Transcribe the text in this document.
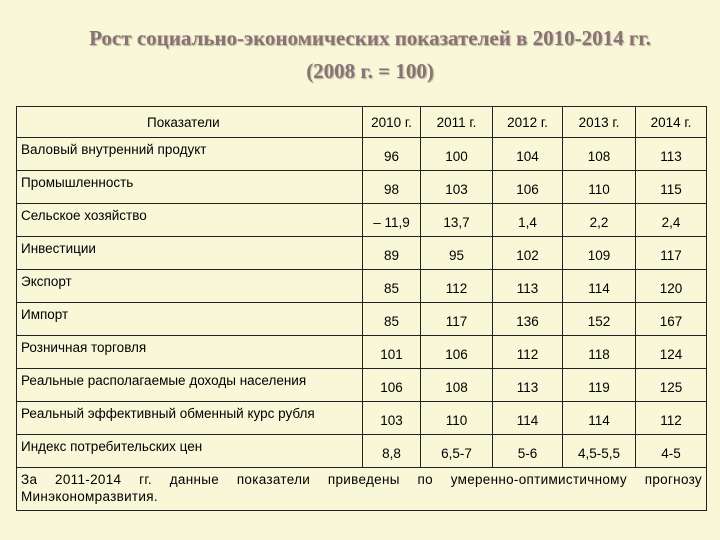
Рост социально-экономических показателей в 2010-2014 гг.
(2008 г. = 100)
Показатели	2010 г.	2011 г.	2012 г.	2013 г.	2014 г.
Валовый внутренний продукт	96	100	104	108	113
Промышленность	98	103	106	110	115
Сельское хозяйство	– 11,9	13,7	1,4	2,2	2,4
Инвестиции	89	95	102	109	117
Экспорт	85	112	113	114	120
Импорт	85	117	136	152	167
Розничная торговля	101	106	112	118	124
Реальные располагаемые доходы населения	106	108	113	119	125
Реальный эффективный обменный курс рубля	103	110	114	114	112
Индекс потребительских цен	8,8	6,5-7	5-6	4,5-5,5	4-5
За 2011-2014 гг. данные показатели приведены по умеренно-оптимистичному прогнозу Минэкономразвития.					
